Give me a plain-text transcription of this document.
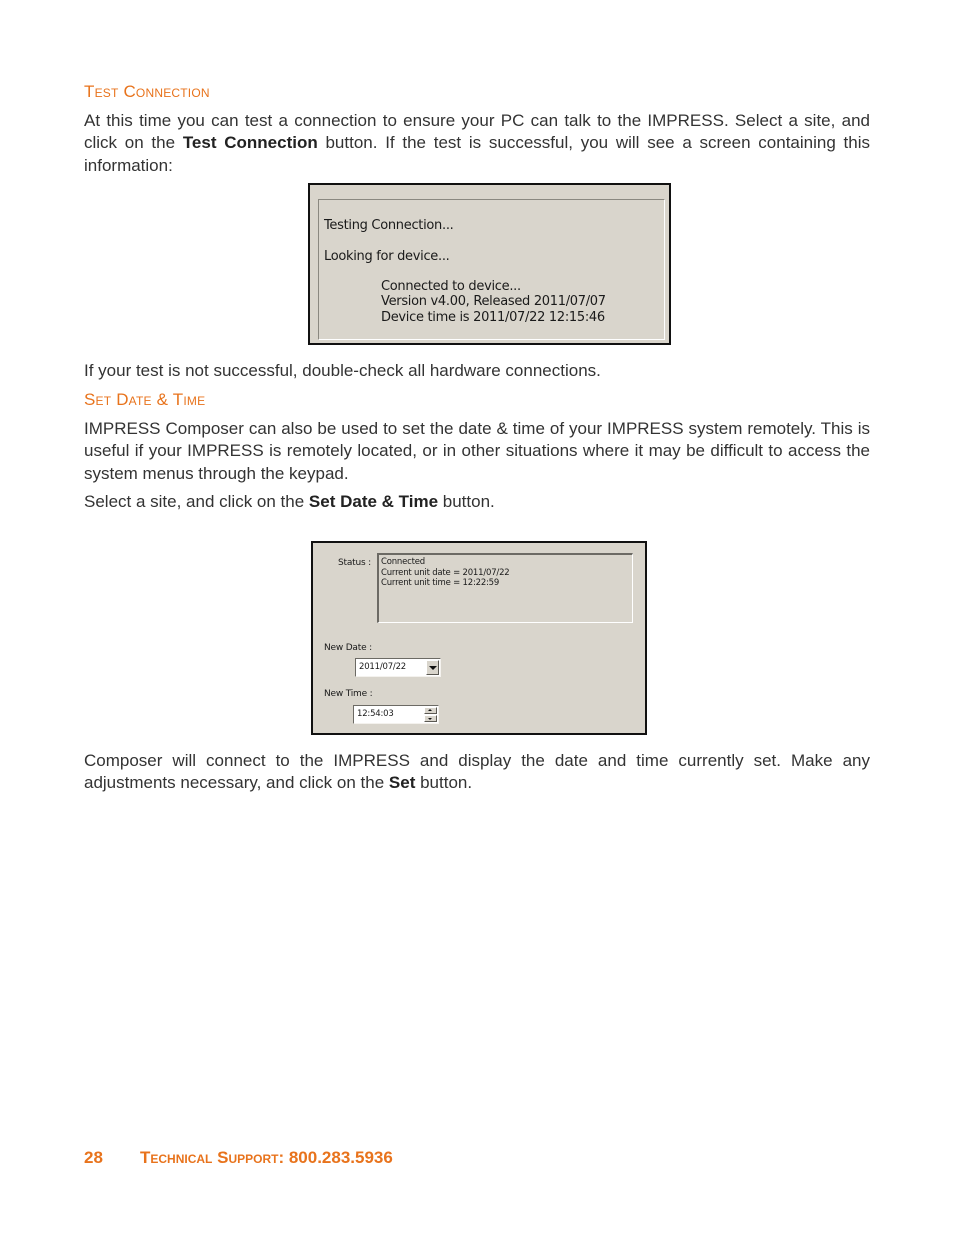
Test Connection

At this time you can test a connection to ensure your PC can talk to the IMPRESS. Select a site, and click on the Test Connection button. If the test is successful, you will see a screen containing this information:

Testing Connection...
Looking for device...
Connected to device...
Version v4.00, Released 2011/07/07
Device time is 2011/07/22 12:15:46

If your test is not successful, double-check all hardware connections.

Set Date & Time

IMPRESS Composer can also be used to set the date & time of your IMPRESS system remotely. This is useful if your IMPRESS is remotely located, or in other situations where it may be difficult to access the system menus through the keypad.

Select a site, and click on the Set Date & Time button.

Status : Connected
Current unit date = 2011/07/22
Current unit time = 12:22:59
New Date :
2011/07/22
New Time :
12:54:03

Composer will connect to the IMPRESS and display the date and time currently set. Make any adjustments necessary, and click on the Set button.

28 Technical Support: 800.283.5936
